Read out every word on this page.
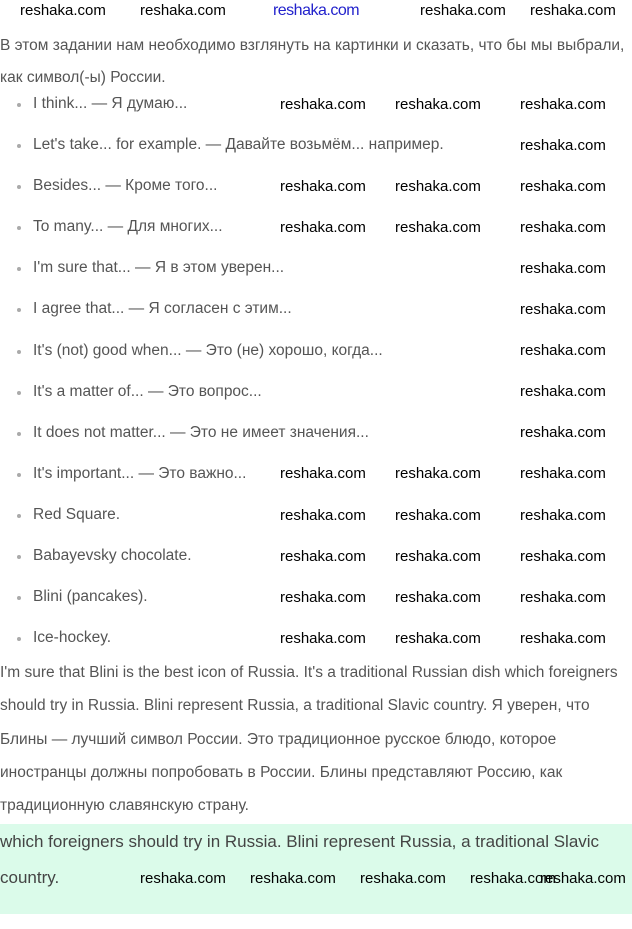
reshaka.com

В этом задании нам необходимо взглянуть на картинки и сказать, что бы мы выбрали, как символ(-ы) России.

I think... — Я думаю...
Let's take... for example. — Давайте возьмём... например.
Besides... — Кроме того...
To many... — Для многих...
I'm sure that... — Я в этом уверен...
I agree that... — Я согласен с этим...
It's (not) good when... — Это (не) хорошо, когда...
It's a matter of... — Это вопрос...
It does not matter... — Это не имеет значения...
It's important... — Это важно...
Red Square.
Babayevsky chocolate.
Blini (pancakes).
Ice-hockey.

I'm sure that Blini is the best icon of Russia. It's a traditional Russian dish which foreigners should try in Russia. Blini represent Russia, a traditional Slavic country. Я уверен, что Блины — лучший символ России. Это традиционное русское блюдо, которое иностранцы должны попробовать в России. Блины представляют Россию, как традиционную славянскую страну.

which foreigners should try in Russia. Blini represent Russia, a traditional Slavic country.

reshaka.com reshaka.com	reshaka.com reshaka.com
reshaka.com
reshaka.com
reshaka.com
reshaka.com
reshaka.com
reshaka.com
reshaka.com
reshaka.com
reshaka.com
reshaka.com
reshaka.com
reshaka.com
reshaka.com
reshaka.com
reshaka.com reshaka.com
reshaka.com reshaka.com
reshaka.com reshaka.com
reshaka.com reshaka.com
reshaka.com reshaka.com
reshaka.com reshaka.com
reshaka.com reshaka.com
reshaka.com reshaka.com
reshaka.com reshaka.com reshaka.com reshaka.com
reshaka.com
